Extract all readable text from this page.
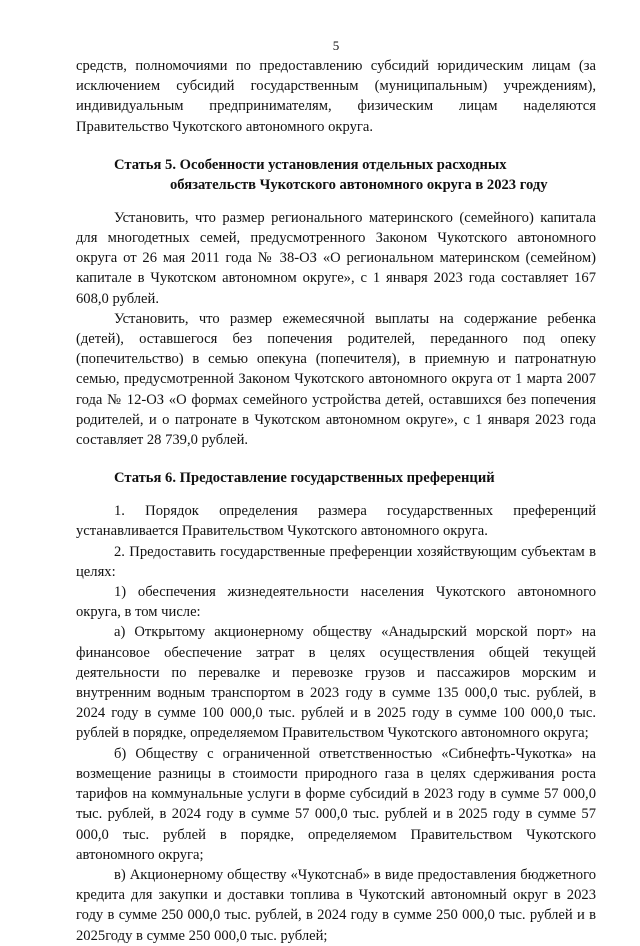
5

средств, полномочиями по предоставлению субсидий юридическим лицам (за исключением субсидий государственным (муниципальным) учреждениям), индивидуальным предпринимателям, физическим лицам наделяются Правительство Чукотского автономного округа.

Статья 5. Особенности установления отдельных расходных
обязательств Чукотского автономного округа в 2023 году

Установить, что размер регионального материнского (семейного) капитала для многодетных семей, предусмотренного Законом Чукотского автономного округа от 26 мая 2011 года № 38-ОЗ «О региональном материнском (семейном) капитале в Чукотском автономном округе», с 1 января 2023 года составляет 167 608,0 рублей.

Установить, что размер ежемесячной выплаты на содержание ребенка (детей), оставшегося без попечения родителей, переданного под опеку (попечительство) в семью опекуна (попечителя), в приемную и патронатную семью, предусмотренной Законом Чукотского автономного округа от 1 марта 2007 года № 12-ОЗ «О формах семейного устройства детей, оставшихся без попечения родителей, и о патронате в Чукотском автономном округе», с 1 января 2023 года составляет 28 739,0 рублей.

Статья 6. Предоставление государственных преференций

1. Порядок определения размера государственных преференций устанавливается Правительством Чукотского автономного округа.

2. Предоставить государственные преференции хозяйствующим субъектам в целях:

1) обеспечения жизнедеятельности населения Чукотского автономного округа, в том числе:

а) Открытому акционерному обществу «Анадырский морской порт» на финансовое обеспечение затрат в целях осуществления общей текущей деятельности по перевалке и перевозке грузов и пассажиров морским и внутренним водным транспортом в 2023 году в сумме 135 000,0 тыс. рублей, в 2024 году в сумме 100 000,0 тыс. рублей и в 2025 году в сумме 100 000,0 тыс. рублей в порядке, определяемом Правительством Чукотского автономного округа;

б) Обществу с ограниченной ответственностью «Сибнефть-Чукотка» на возмещение разницы в стоимости природного газа в целях сдерживания роста тарифов на коммунальные услуги в форме субсидий в 2023 году в сумме 57 000,0 тыс. рублей, в 2024 году в сумме 57 000,0 тыс. рублей и в 2025 году в сумме 57 000,0 тыс. рублей в порядке, определяемом Правительством Чукотского автономного округа;

в) Акционерному обществу «Чукотснаб» в виде предоставления бюджетного кредита для закупки и доставки топлива в Чукотский автономный округ в 2023 году в сумме 250 000,0 тыс. рублей, в 2024 году в сумме 250 000,0 тыс. рублей и в 2025году в сумме 250 000,0 тыс. рублей;
